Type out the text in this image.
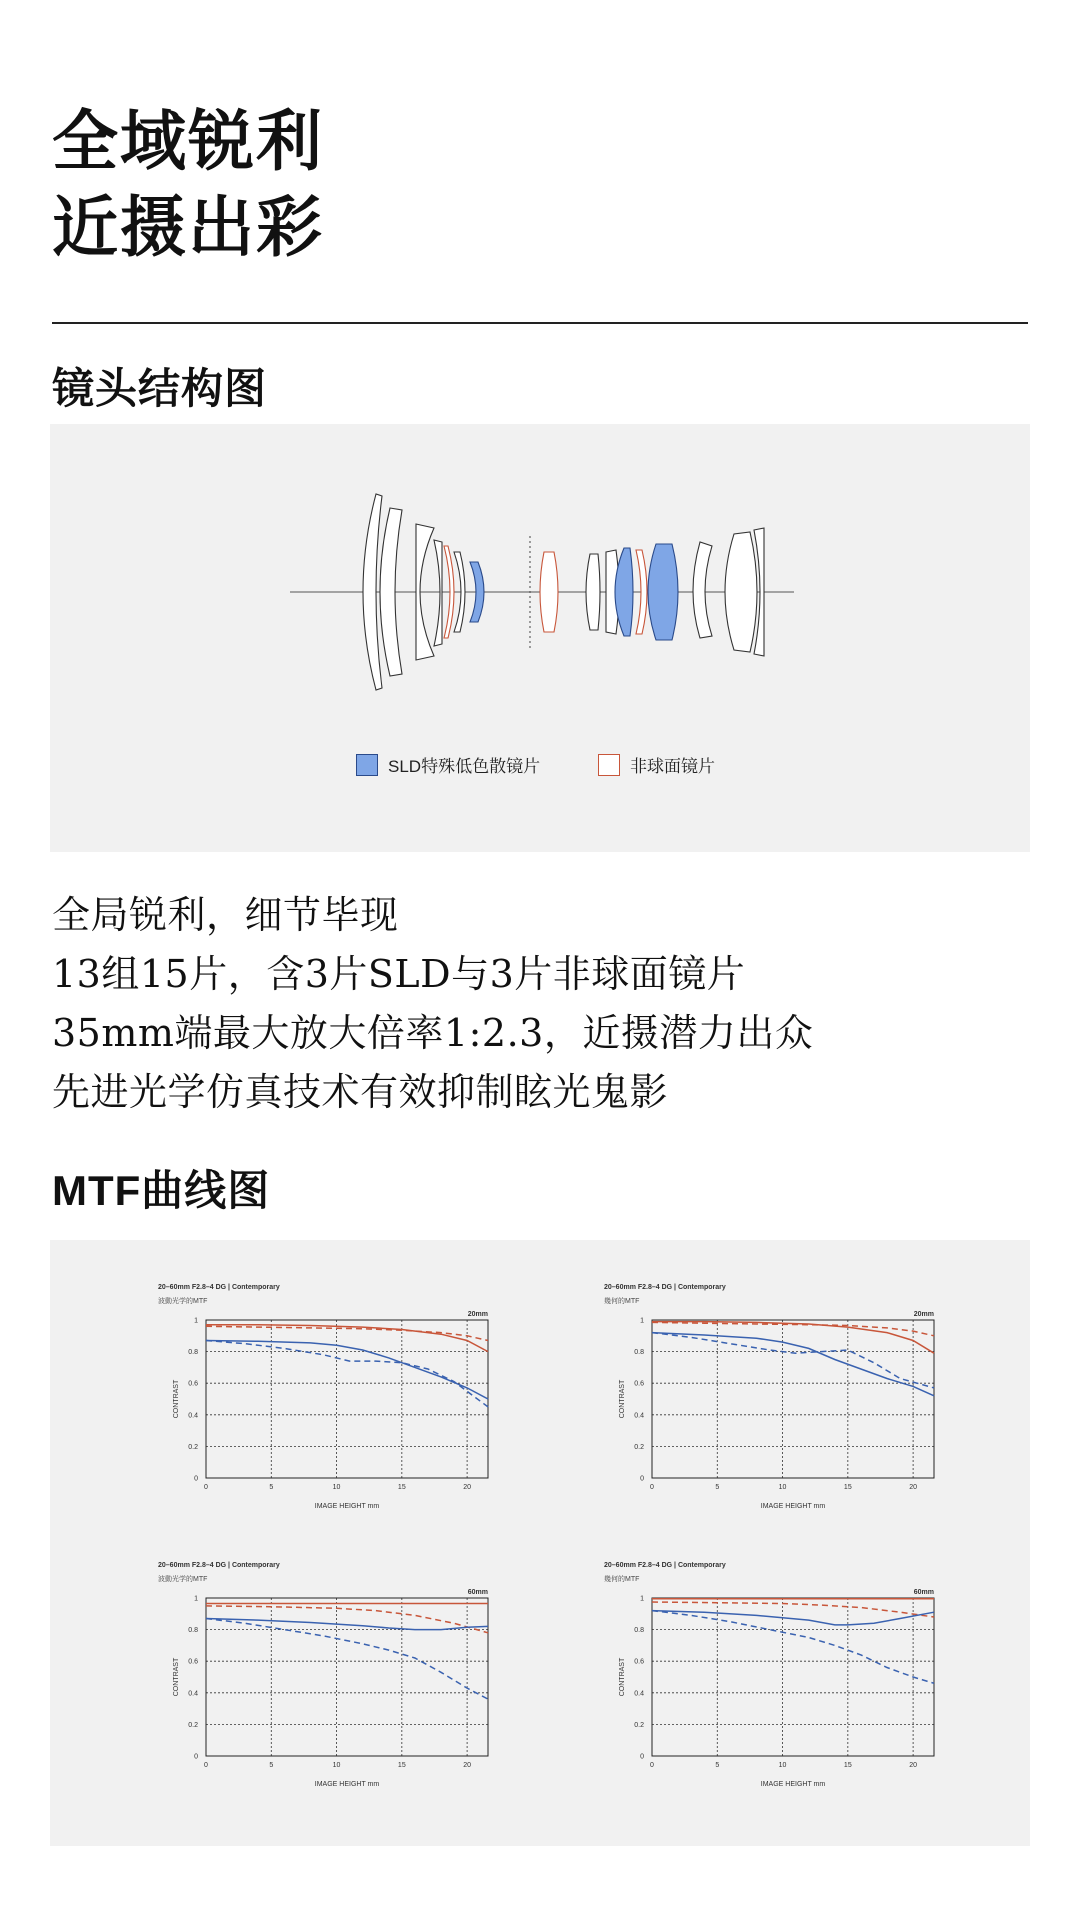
全域锐利
近摄出彩
镜头结构图
SLD特殊低色散镜片	非球面镜片
全局锐利，细节毕现
13组15片，含3片SLD与3片非球面镜片
35mm端最大放大倍率1:2.3，近摄潜力出众
先进光学仿真技术有效抑制眩光鬼影
MTF曲线图
20–60mm F2.8–4 DG | Contemporary
波動光学的MTF
0	5	10	15	20
0
0.2
0.4
0.6
0.8
1
20mm
IMAGE HEIGHT mm
CONTRAST
20–60mm F2.8–4 DG | Contemporary
幾何的MTF
0	5	10	15	20
0
0.2
0.4
0.6
0.8
1
20mm
IMAGE HEIGHT mm
CONTRAST
20–60mm F2.8–4 DG | Contemporary
波動光学的MTF
0	5	10	15	20
0
0.2
0.4
0.6
0.8
1
60mm
IMAGE HEIGHT mm
CONTRAST
20–60mm F2.8–4 DG | Contemporary
幾何的MTF
0	5	10	15	20
0
0.2
0.4
0.6
0.8
1
60mm
IMAGE HEIGHT mm
CONTRAST
